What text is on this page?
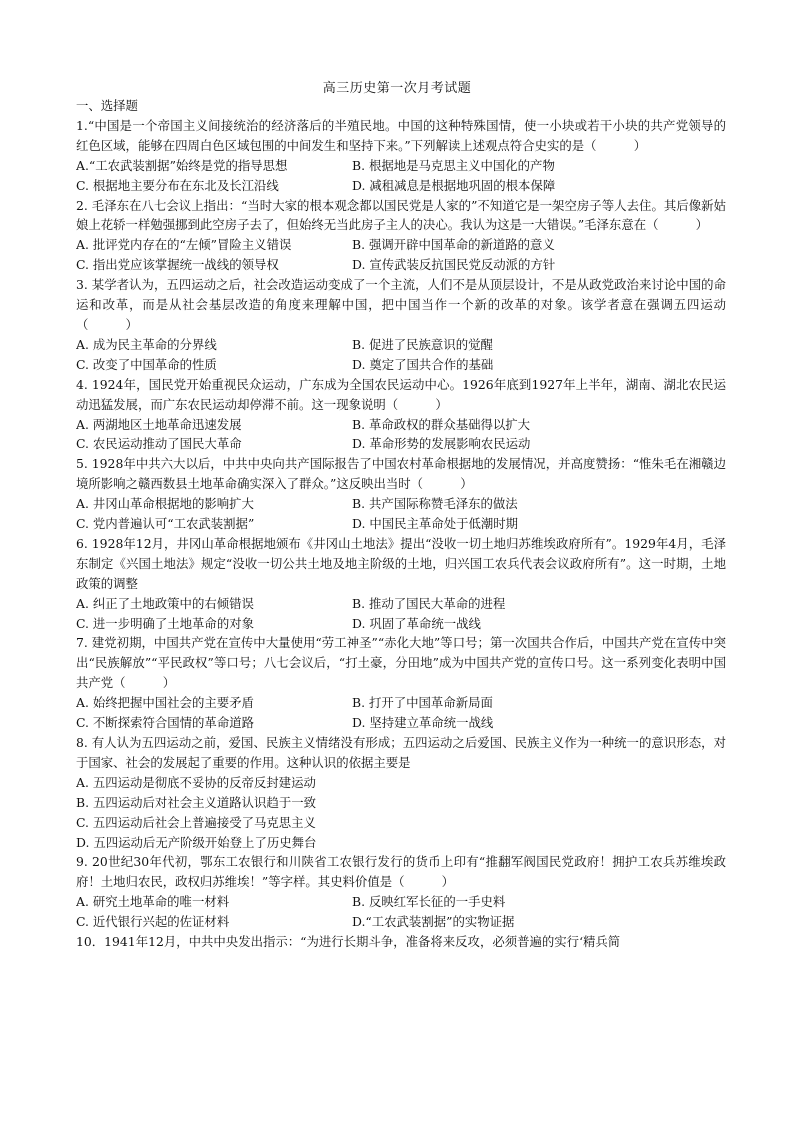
高三历史第一次月考试题

一、选择题

1.“中国是一个帝国主义间接统治的经济落后的半殖民地。中国的这种特殊国情，使一小块或若干小块的共产党领导的红色区域，能够在四周白色区域包围的中间发生和坚持下来。”下列解读上述观点符合史实的是（　　　）

A.“工农武装割据”始终是党的指导思想	B. 根据地是马克思主义中国化的产物
C. 根据地主要分布在东北及长江沿线	D. 减租减息是根据地巩固的根本保障

2. 毛泽东在八七会议上指出：“当时大家的根本观念都以国民党是人家的”不知道它是一架空房子等人去住。其后像新姑娘上花轿一样勉强挪到此空房子去了，但始终无当此房子主人的决心。我认为这是一大错误。”毛泽东意在（　　　）

A. 批评党内存在的“左倾”冒险主义错误	B. 强调开辟中国革命的新道路的意义
C. 指出党应该掌握统一战线的领导权	D. 宣传武装反抗国民党反动派的方针

3. 某学者认为，五四运动之后，社会改造运动变成了一个主流，人们不是从顶层设计，不是从政党政治来讨论中国的命运和改革，而是从社会基层改造的角度来理解中国，把中国当作一个新的改革的对象。该学者意在强调五四运动（　　　）

A. 成为民主革命的分界线	B. 促进了民族意识的觉醒
C. 改变了中国革命的性质	D. 奠定了国共合作的基础

4. 1924年，国民党开始重视民众运动，广东成为全国农民运动中心。1926年底到1927年上半年，湖南、湖北农民运动迅猛发展，而广东农民运动却停滞不前。这一现象说明（　　　）

A. 两湖地区土地革命迅速发展	B. 革命政权的群众基础得以扩大
C. 农民运动推动了国民大革命	D. 革命形势的发展影响农民运动

5. 1928年中共六大以后，中共中央向共产国际报告了中国农村革命根据地的发展情况，并高度赞扬：“惟朱毛在湘赣边境所影响之赣西数县土地革命确实深入了群众。”这反映出当时（　　　）

A. 井冈山革命根据地的影响扩大	B. 共产国际称赞毛泽东的做法
C. 党内普遍认可“工农武装割据”	D. 中国民主革命处于低潮时期

6. 1928年12月，井冈山革命根据地颁布《井冈山土地法》提出“没收一切土地归苏维埃政府所有”。1929年4月，毛泽东制定《兴国土地法》规定“没收一切公共土地及地主阶级的土地，归兴国工农兵代表会议政府所有”。这一时期，土地政策的调整

A. 纠正了土地政策中的右倾错误	B. 推动了国民大革命的进程
C. 进一步明确了土地革命的对象	D. 巩固了革命统一战线

7. 建党初期，中国共产党在宣传中大量使用“劳工神圣”“赤化大地”等口号；第一次国共合作后，中国共产党在宣传中突出“民族解放”“平民政权”等口号；八七会议后，“打土豪，分田地”成为中国共产党的宣传口号。这一系列变化表明中国共产党（　　　）

A. 始终把握中国社会的主要矛盾	B. 打开了中国革命新局面
C. 不断探索符合国情的革命道路	D. 坚持建立革命统一战线

8. 有人认为五四运动之前，爱国、民族主义情绪没有形成；五四运动之后爱国、民族主义作为一种统一的意识形态，对于国家、社会的发展起了重要的作用。这种认识的依据主要是

A. 五四运动是彻底不妥协的反帝反封建运动
B. 五四运动后对社会主义道路认识趋于一致
C. 五四运动后社会上普遍接受了马克思主义
D. 五四运动后无产阶级开始登上了历史舞台

9. 20世纪30年代初，鄂东工农银行和川陕省工农银行发行的货币上印有“推翻军阀国民党政府！拥护工农兵苏维埃政府！土地归农民，政权归苏维埃！”等字样。其史料价值是（　　　）

A. 研究土地革命的唯一材料	B. 反映红军长征的一手史料
C. 近代银行兴起的佐证材料	D.“工农武装割据”的实物证据

10．1941年12月，中共中央发出指示：“为进行长期斗争，准备将来反攻，必须普遍的实行‘精兵简
